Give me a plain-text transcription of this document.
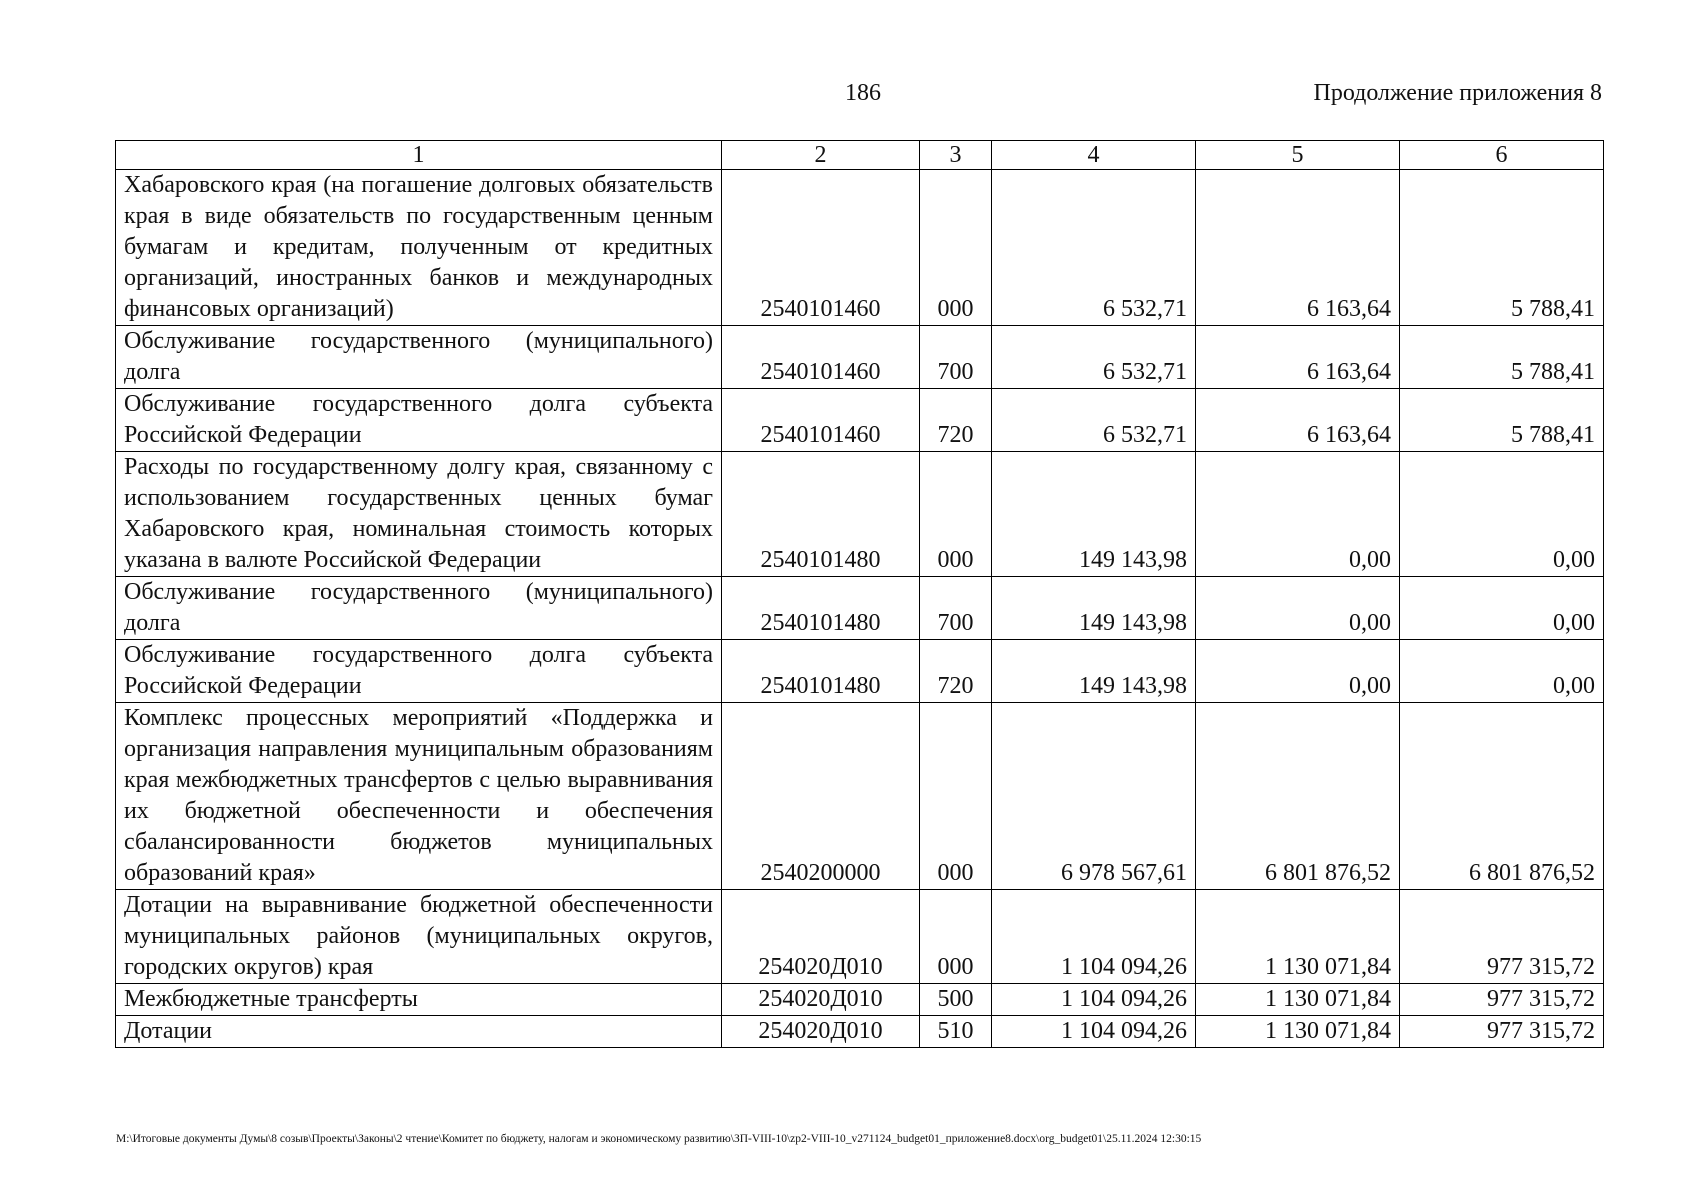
186	Продолжение приложения 8
1	2	3	4	5	6
Хабаровского края (на погашение долговых обязательств края в виде обязательств по государственным ценным бумагам и кредитам, полученным от кредитных организаций, иностранных банков и международных финансовых организаций)	2540101460	000	6 532,71	6 163,64	5 788,41
Обслуживание государственного (муниципального) долга	2540101460	700	6 532,71	6 163,64	5 788,41
Обслуживание государственного долга субъекта Российской Федерации	2540101460	720	6 532,71	6 163,64	5 788,41
Расходы по государственному долгу края, связанному с использованием государственных ценных бумаг Хабаровского края, номинальная стоимость которых указана в валюте Российской Федерации	2540101480	000	149 143,98	0,00	0,00
Обслуживание государственного (муниципального) долга	2540101480	700	149 143,98	0,00	0,00
Обслуживание государственного долга субъекта Российской Федерации	2540101480	720	149 143,98	0,00	0,00
Комплекс процессных мероприятий «Поддержка и организация направления муниципальным образованиям края межбюджетных трансфертов с целью выравнивания их бюджетной обеспеченности и обеспечения сбалансированности бюджетов муниципальных образований края»	2540200000	000	6 978 567,61	6 801 876,52	6 801 876,52
Дотации на выравнивание бюджетной обеспеченности муниципальных районов (муниципальных округов, городских округов) края	254020Д010	000	1 104 094,26	1 130 071,84	977 315,72
Межбюджетные трансферты	254020Д010	500	1 104 094,26	1 130 071,84	977 315,72
Дотации	254020Д010	510	1 104 094,26	1 130 071,84	977 315,72
M:\Итоговые документы Думы\8 созыв\Проекты\Законы\2 чтение\Комитет по бюджету, налогам и экономическому развитию\ЗП-VIII-10\zp2-VIII-10_v271124_budget01_приложение8.docx\org_budget01\25.11.2024 12:30:15
